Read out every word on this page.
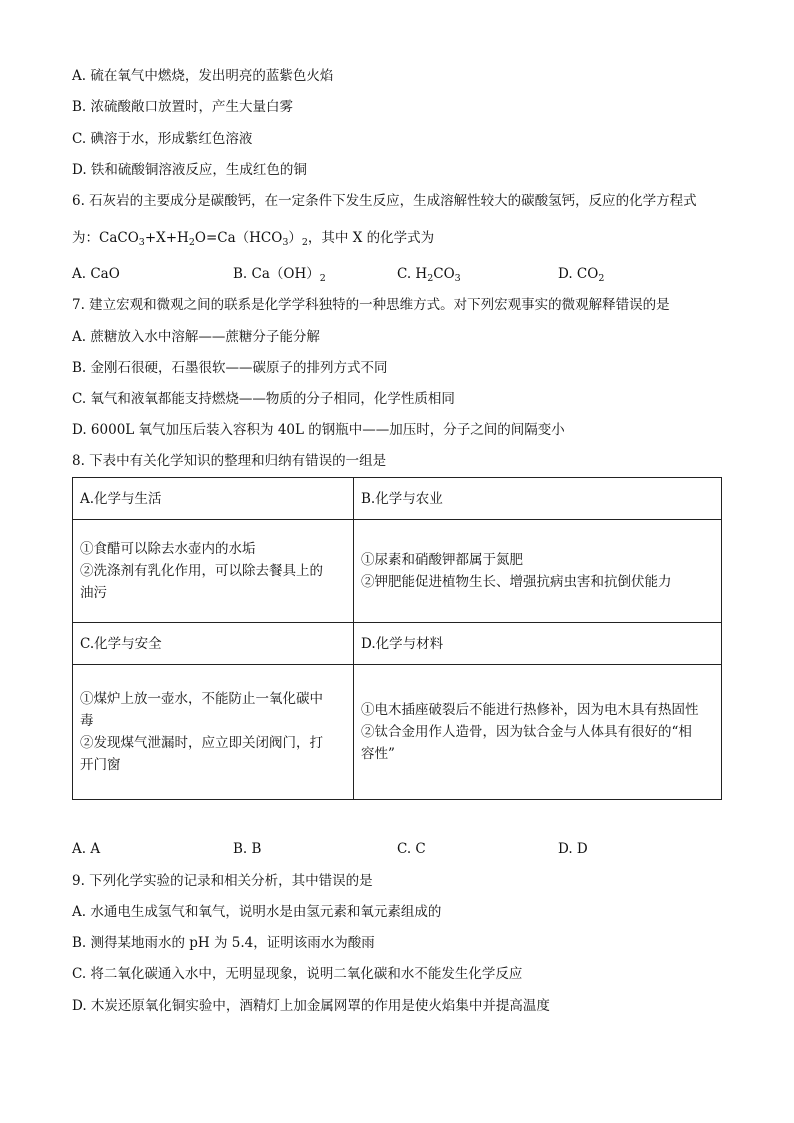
A. 硫在氧气中燃烧，发出明亮的蓝紫色火焰
B. 浓硫酸敞口放置时，产生大量白雾
C. 碘溶于水，形成紫红色溶液
D. 铁和硫酸铜溶液反应，生成红色的铜
6. 石灰岩的主要成分是碳酸钙，在一定条件下发生反应，生成溶解性较大的碳酸氢钙，反应的化学方程式
为：$CaCO_3+X+H_2O=Ca(HCO_3)_2$，其中 X 的化学式为
A. CaO	B. $Ca(OH)_2$	C. $H_2CO_3$	D. $CO_2$
7. 建立宏观和微观之间的联系是化学学科独特的一种思维方式。对下列宏观事实的微观解释错误的是
A. 蔗糖放入水中溶解——蔗糖分子能分解
B. 金刚石很硬，石墨很软——碳原子的排列方式不同
C. 氧气和液氧都能支持燃烧——物质的分子相同，化学性质相同
D. 6000L 氧气加压后装入容积为 40L 的钢瓶中——加压时，分子之间的间隔变小
8. 下表中有关化学知识的整理和归纳有错误的一组是
A.化学与生活	B.化学与农业

①食醋可以除去水壶内的水垢
②洗涤剂有乳化作用，可以除去餐具上的
油污	①尿素和硝酸钾都属于氮肥
②钾肥能促进植物生长、增强抗病虫害和抗倒伏能力

C.化学与安全	D.化学与材料

①煤炉上放一壶水，不能防止一氧化碳中
毒
②发现煤气泄漏时，应立即关闭阀门，打
开门窗	①电木插座破裂后不能进行热修补，因为电木具有热固性
②钛合金用作人造骨，因为钛合金与人体具有很好的“相
容性”
A. A	B. B	C. C	D. D
9. 下列化学实验的记录和相关分析，其中错误的是
A. 水通电生成氢气和氧气，说明水是由氢元素和氧元素组成的
B. 测得某地雨水的 pH 为 5.4，证明该雨水为酸雨
C. 将二氧化碳通入水中，无明显现象，说明二氧化碳和水不能发生化学反应
D. 木炭还原氧化铜实验中，酒精灯上加金属网罩的作用是使火焰集中并提高温度
